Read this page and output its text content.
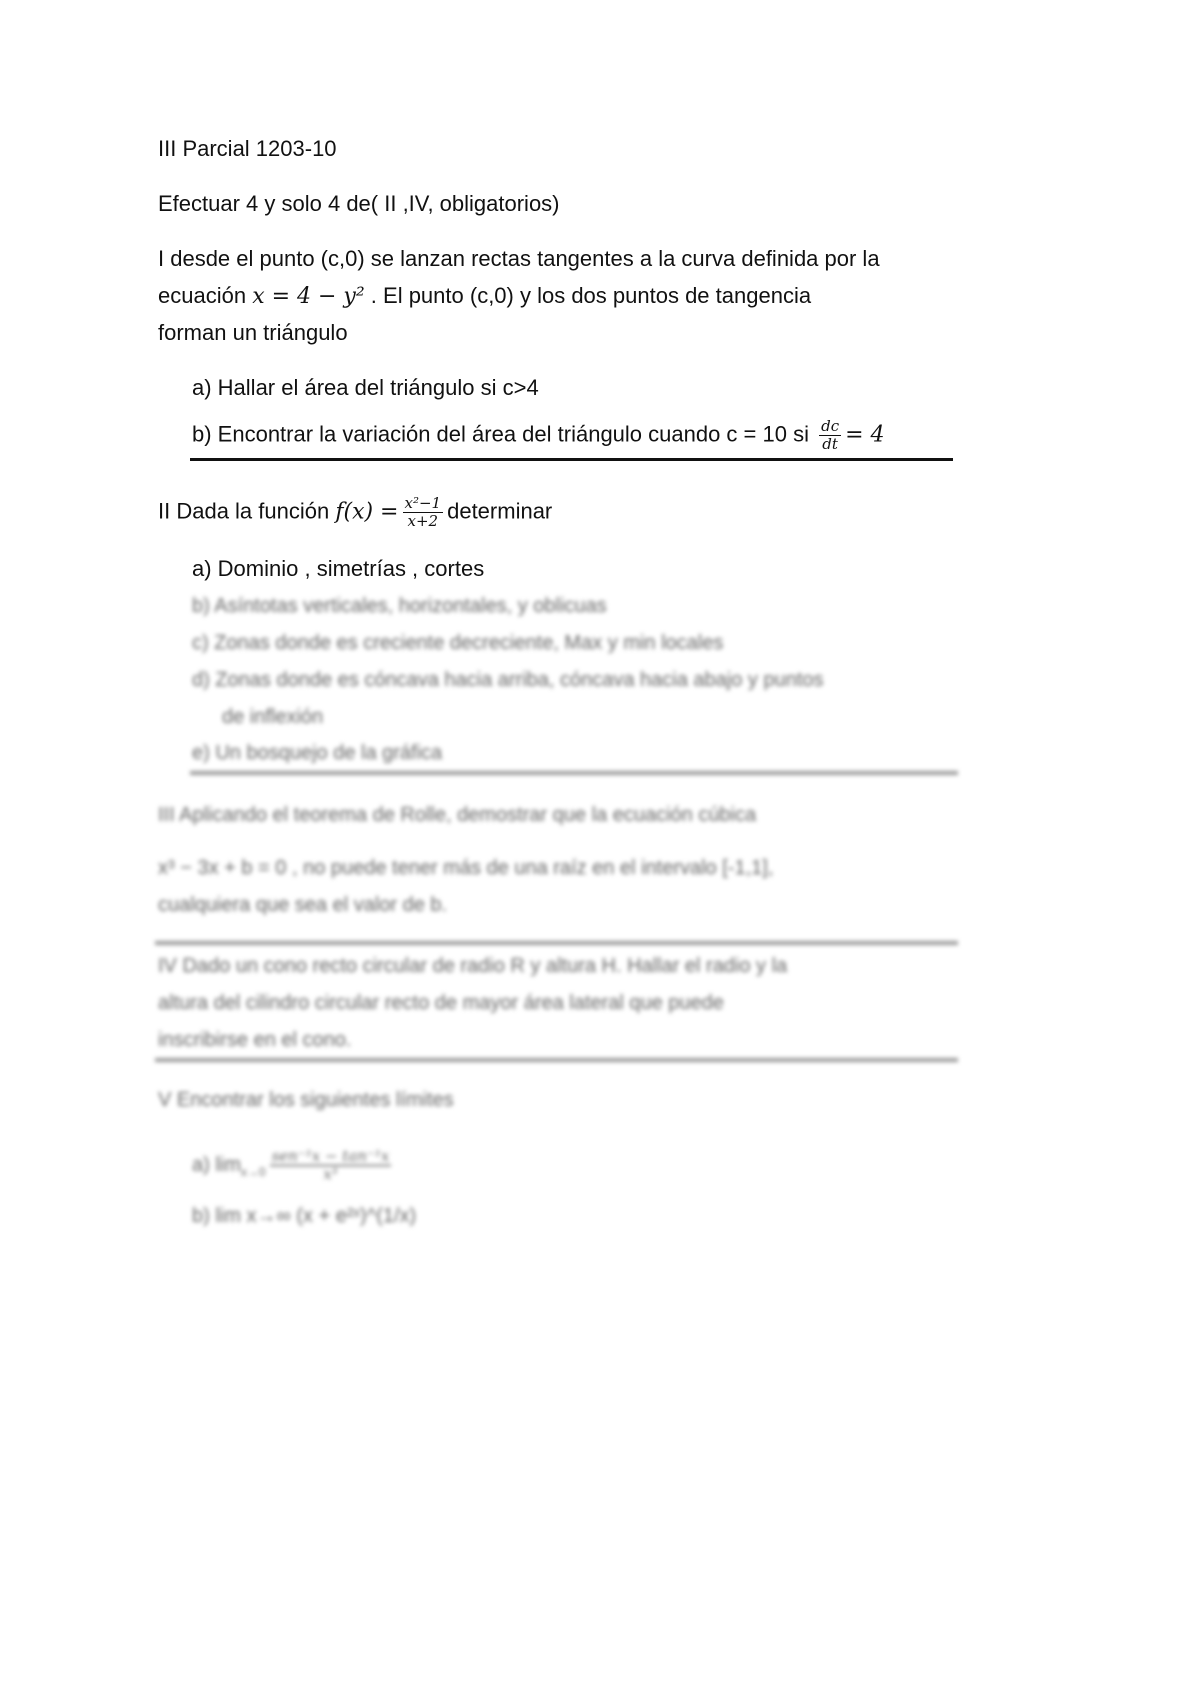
III Parcial 1203-10
Efectuar 4 y solo 4 de( II ,IV, obligatorios)
I desde el punto (c,0) se lanzan rectas tangentes a la curva definida por la
ecuación x = 4 − y² . El punto (c,0) y los dos puntos de tangencia
forman un triángulo
a) Hallar el área del triángulo si c>4
b) Encontrar la variación del área del triángulo cuando c = 10 si $\frac{dc}{dt} = 4$
II Dada la función $f(x) = \frac{\text{x²−1}}{x+2}$ determinar
a) Dominio , simetrías , cortes
b) Asíntotas verticales, horizontales, y oblicuas
c) Zonas donde es creciente decreciente, Max y min locales
d) Zonas donde es cóncava hacia arriba, cóncava hacia abajo y puntos
de inflexión
e) Un bosquejo de la gráfica
III Aplicando el teorema de Rolle, demostrar que la ecuación cúbica
x³ − 3x + b = 0 , no puede tener más de una raíz en el intervalo [-1,1],
cualquiera que sea el valor de b.
IV Dado un cono recto circular de radio R y altura H. Hallar el radio y la
altura del cilindro circular recto de mayor área lateral que puede
inscribirse en el cono.
V Encontrar los siguientes límites
a) $\lim_{x\to 0} \frac{\text{sen⁻¹x − tan⁻¹x}}{\text{x³}}$
b) lim x→∞ (x + e²ˣ)^(1/x)
